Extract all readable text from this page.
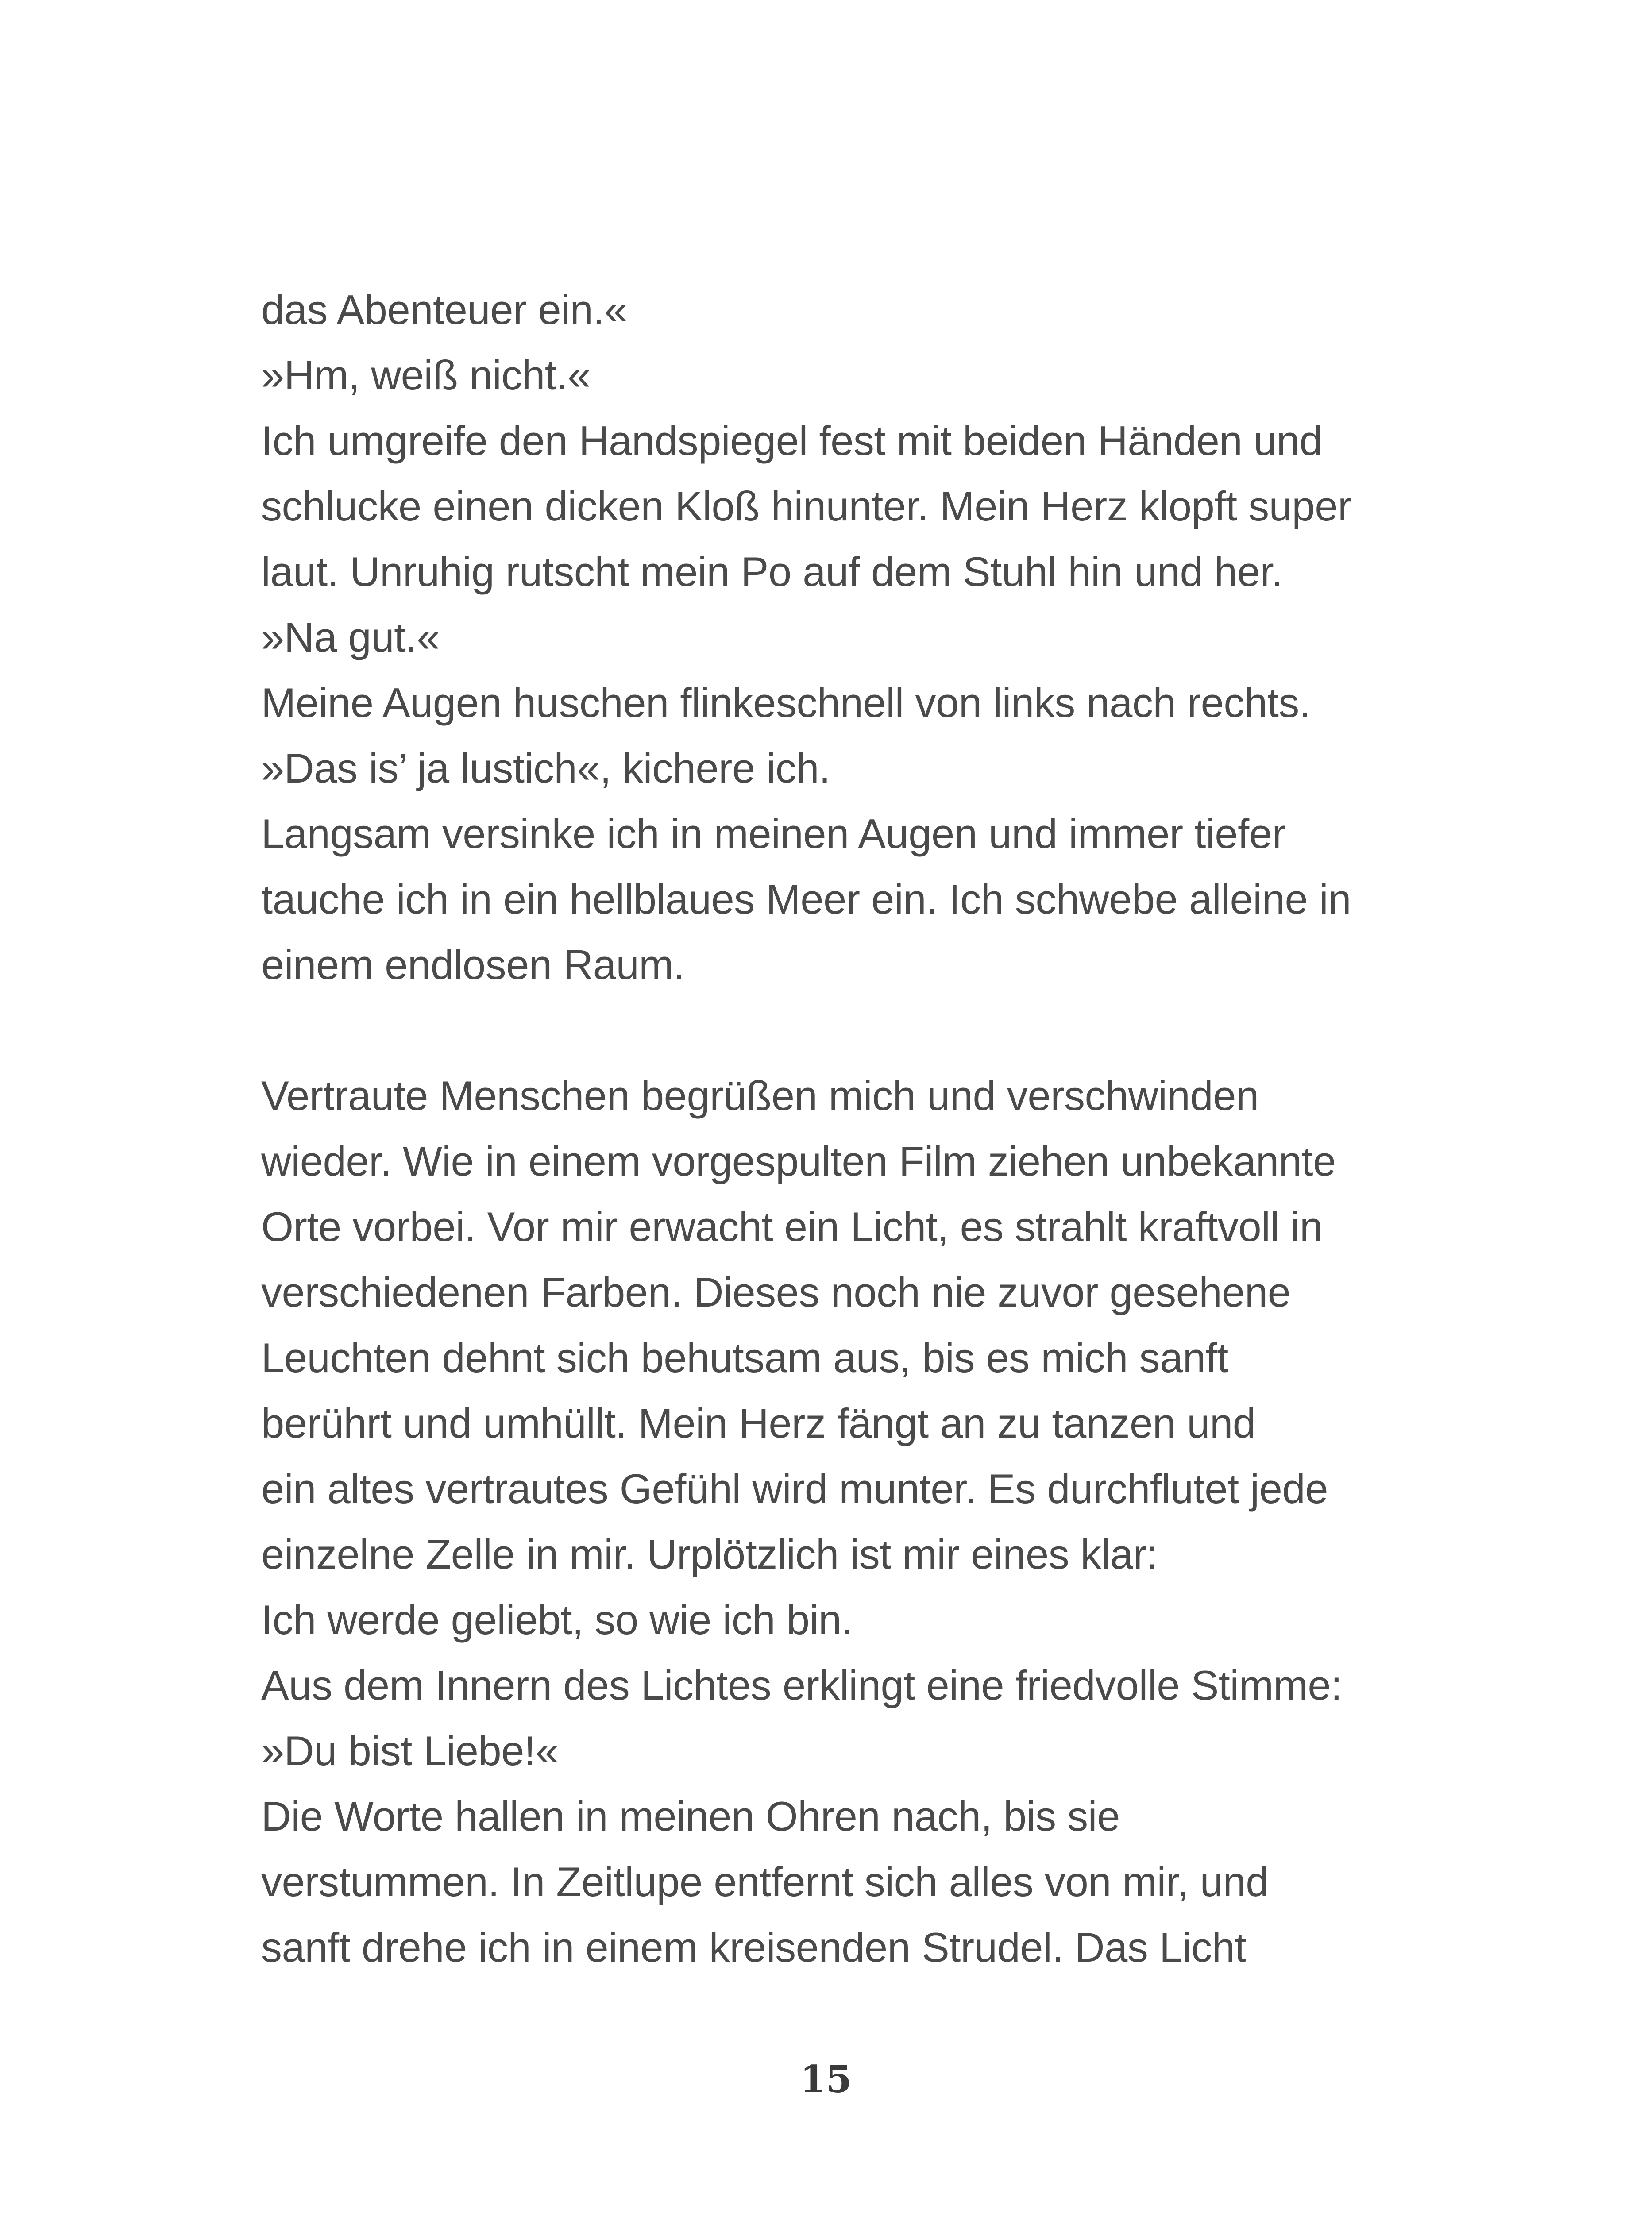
das Abenteuer ein.«
»Hm, weiß nicht.«
Ich umgreife den Handspiegel fest mit beiden Händen und
schlucke einen dicken Kloß hinunter. Mein Herz klopft super
laut. Unruhig rutscht mein Po auf dem Stuhl hin und her.
»Na gut.«
Meine Augen huschen flinkeschnell von links nach rechts.
»Das is’ ja lustich«, kichere ich.
Langsam versinke ich in meinen Augen und immer tiefer
tauche ich in ein hellblaues Meer ein. Ich schwebe alleine in
einem endlosen Raum.
Vertraute Menschen begrüßen mich und verschwinden
wieder. Wie in einem vorgespulten Film ziehen unbekannte
Orte vorbei. Vor mir erwacht ein Licht, es strahlt kraftvoll in
verschiedenen Farben. Dieses noch nie zuvor gesehene
Leuchten dehnt sich behutsam aus, bis es mich sanft
berührt und umhüllt. Mein Herz fängt an zu tanzen und
ein altes vertrautes Gefühl wird munter. Es durchflutet jede
einzelne Zelle in mir. Urplötzlich ist mir eines klar:
Ich werde geliebt, so wie ich bin.
Aus dem Innern des Lichtes erklingt eine friedvolle Stimme:
»Du bist Liebe!«
Die Worte hallen in meinen Ohren nach, bis sie
verstummen. In Zeitlupe entfernt sich alles von mir, und
sanft drehe ich in einem kreisenden Strudel. Das Licht
15
